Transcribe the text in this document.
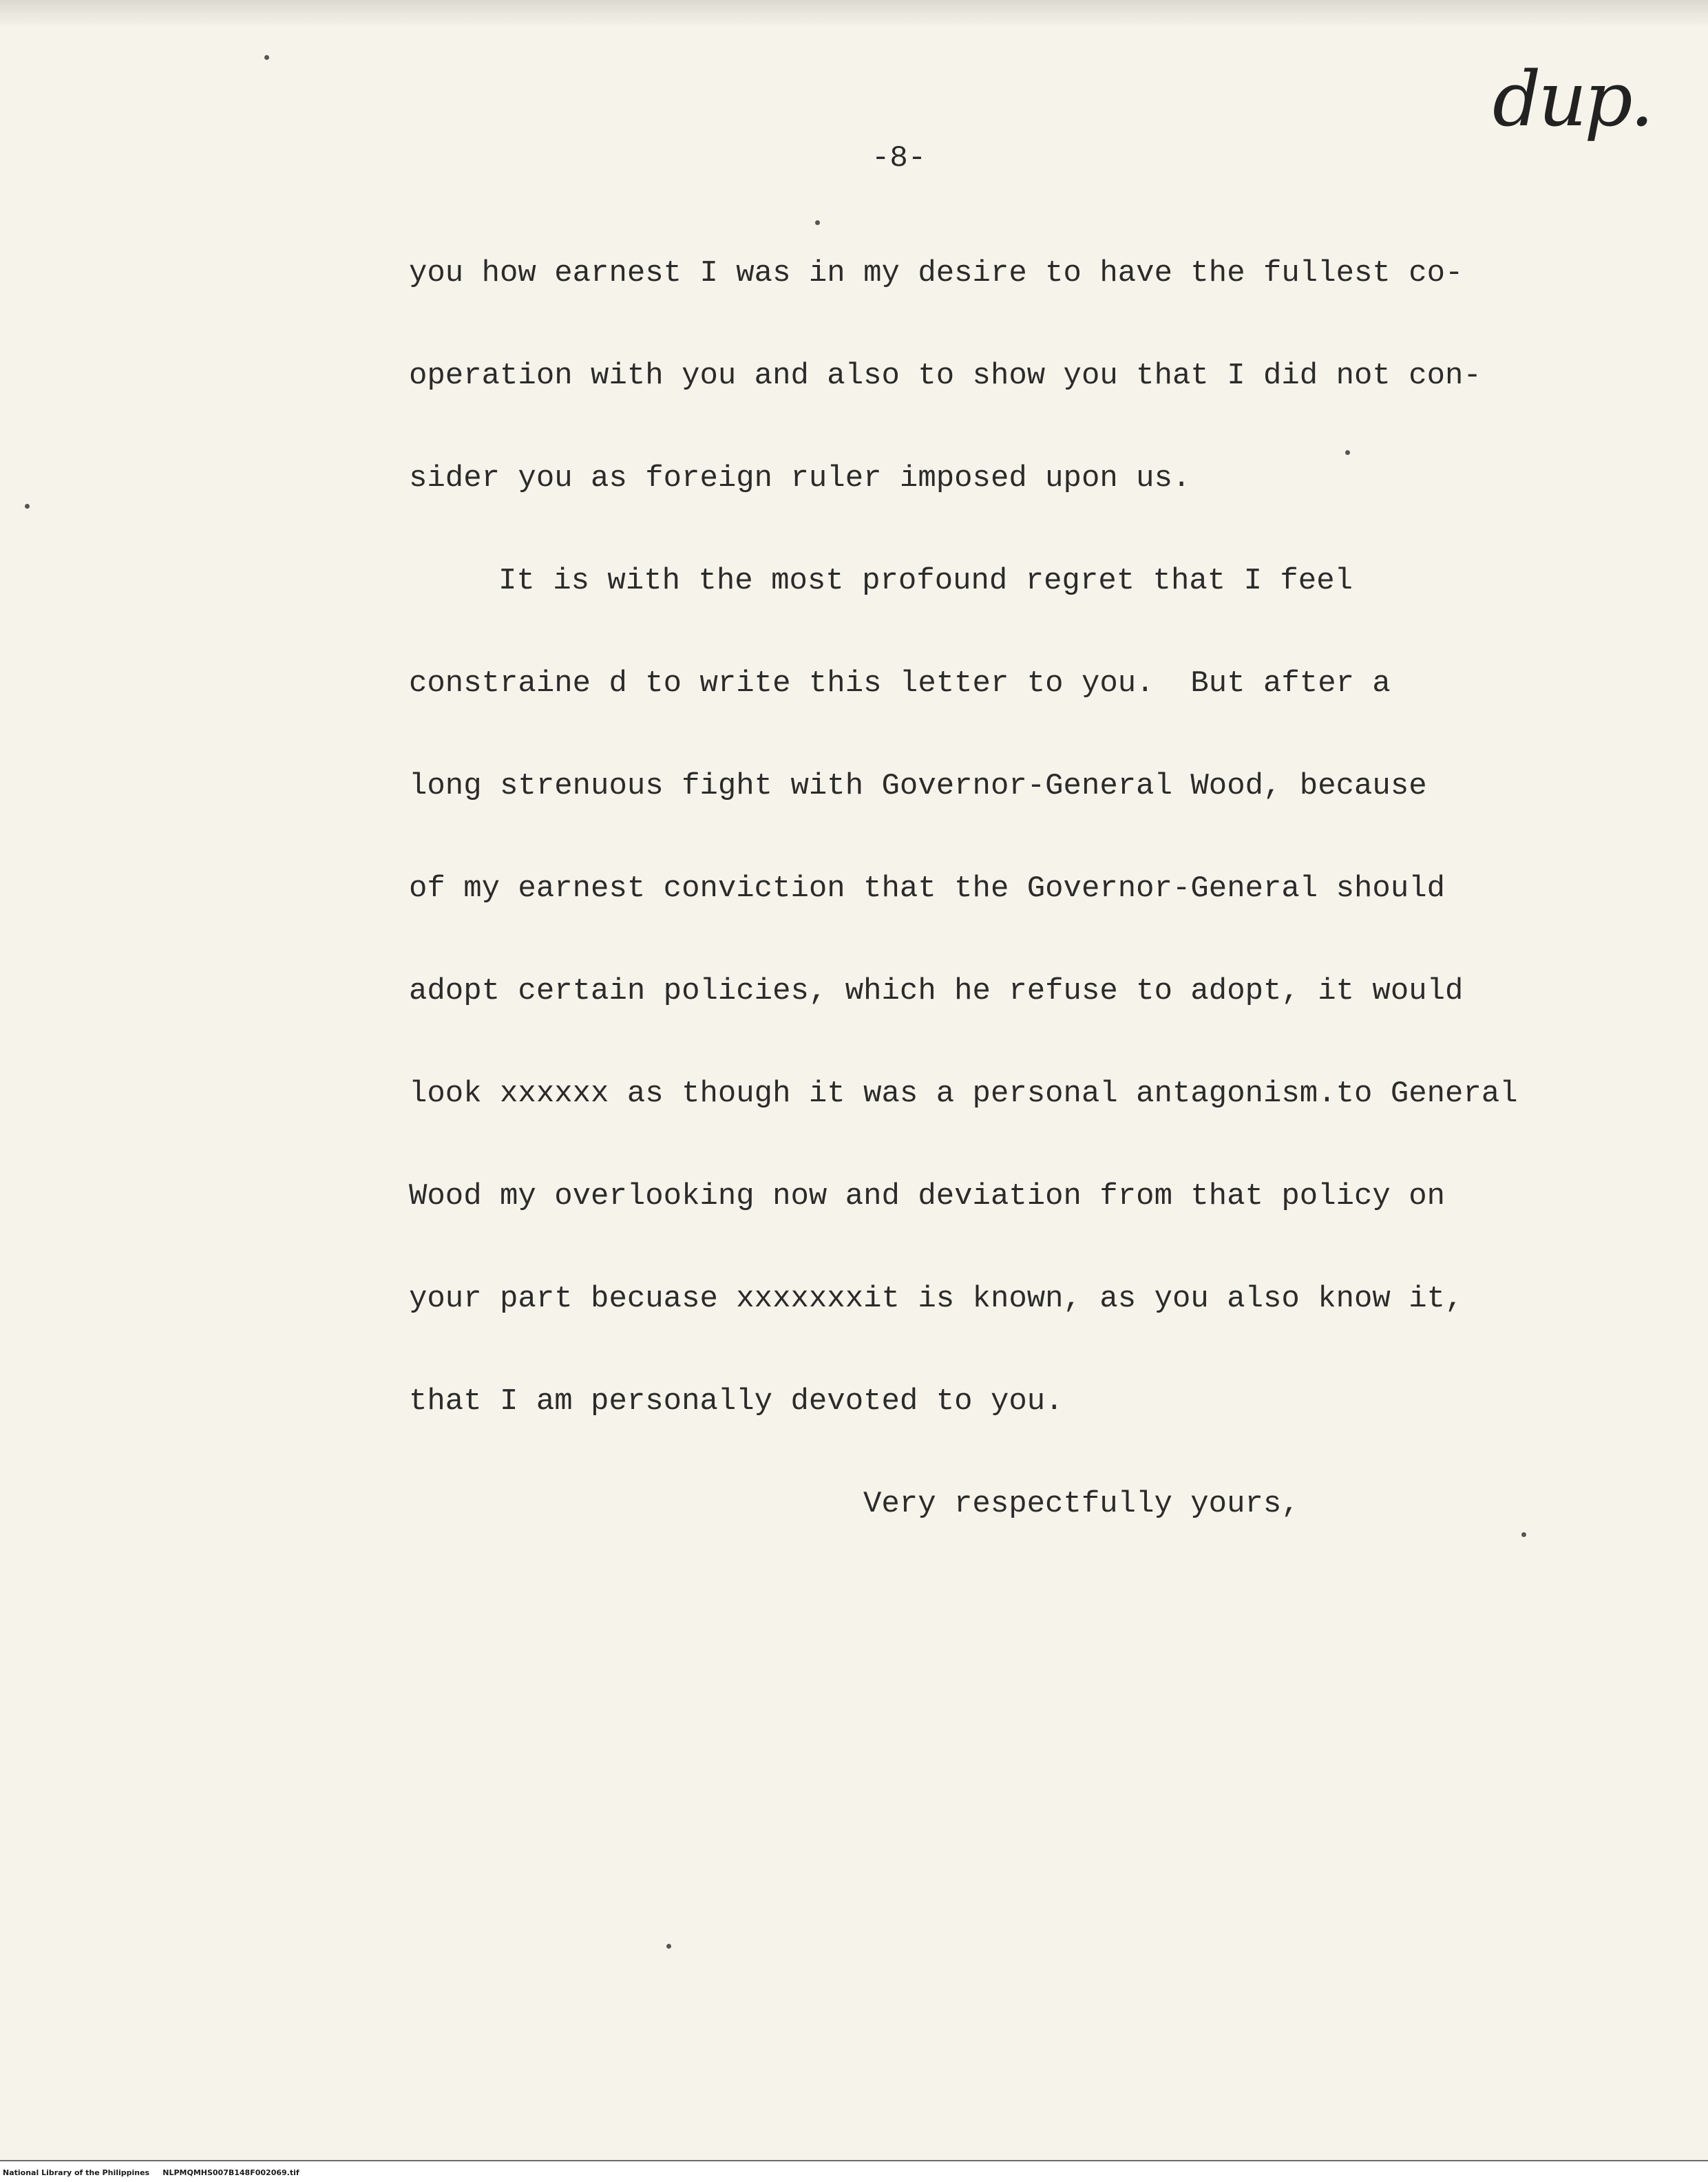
dup.
-8-
you how earnest I was in my desire to have the fullest co-
operation with you and also to show you that I did not con-
sider you as foreign ruler imposed upon us.
It is with the most profound regret that I feel
constraine d to write this letter to you.  But after a
long strenuous fight with Governor-General Wood, because
of my earnest conviction that the Governor-General should
adopt certain policies, which he refuse to adopt, it would
look xxxxxx as though it was a personal antagonism.to General
Wood my overlooking now and deviation from that policy on
your part becuase xxxxxxxit is known, as you also know it,
that I am personally devoted to you.
Very respectfully yours,
National Library of the Philippines     NLPMQMHS007B148F002069.tif
